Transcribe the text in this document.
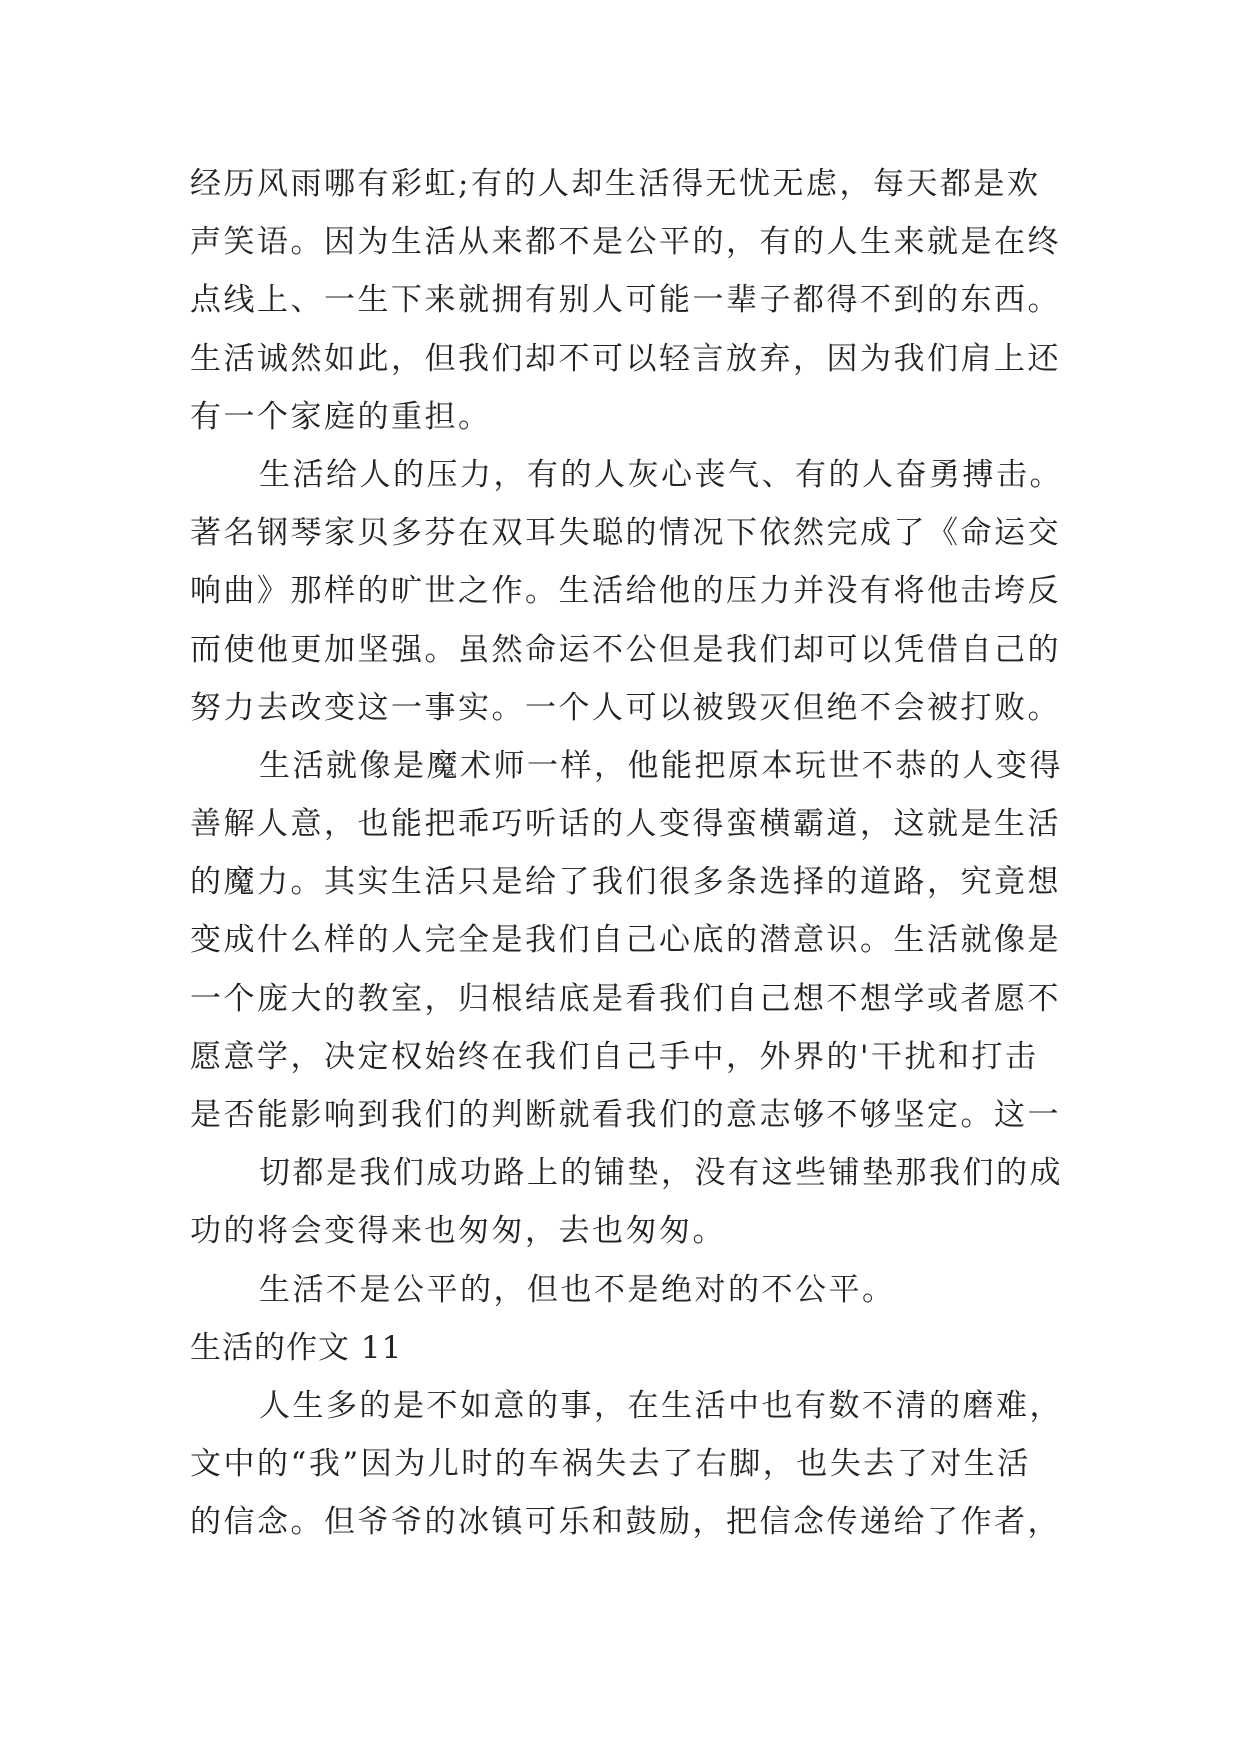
经历风雨哪有彩虹;有的人却生活得无忧无虑，每天都是欢
声笑语。因为生活从来都不是公平的，有的人生来就是在终
点线上、一生下来就拥有别人可能一辈子都得不到的东西。
生活诚然如此，但我们却不可以轻言放弃，因为我们肩上还
有一个家庭的重担。
生活给人的压力，有的人灰心丧气、有的人奋勇搏击。
著名钢琴家贝多芬在双耳失聪的情况下依然完成了《命运交
响曲》那样的旷世之作。生活给他的压力并没有将他击垮反
而使他更加坚强。虽然命运不公但是我们却可以凭借自己的
努力去改变这一事实。一个人可以被毁灭但绝不会被打败。
生活就像是魔术师一样，他能把原本玩世不恭的人变得
善解人意，也能把乖巧听话的人变得蛮横霸道，这就是生活
的魔力。其实生活只是给了我们很多条选择的道路，究竟想
变成什么样的人完全是我们自己心底的潜意识。生活就像是
一个庞大的教室，归根结底是看我们自己想不想学或者愿不
愿意学，决定权始终在我们自己手中，外界的'干扰和打击
是否能影响到我们的判断就看我们的意志够不够坚定。这一
切都是我们成功路上的铺垫，没有这些铺垫那我们的成
功的将会变得来也匆匆，去也匆匆。
生活不是公平的，但也不是绝对的不公平。
生活的作文 11
人生多的是不如意的事，在生活中也有数不清的磨难，
文中的“我”因为儿时的车祸失去了右脚，也失去了对生活
的信念。但爷爷的冰镇可乐和鼓励，把信念传递给了作者，
